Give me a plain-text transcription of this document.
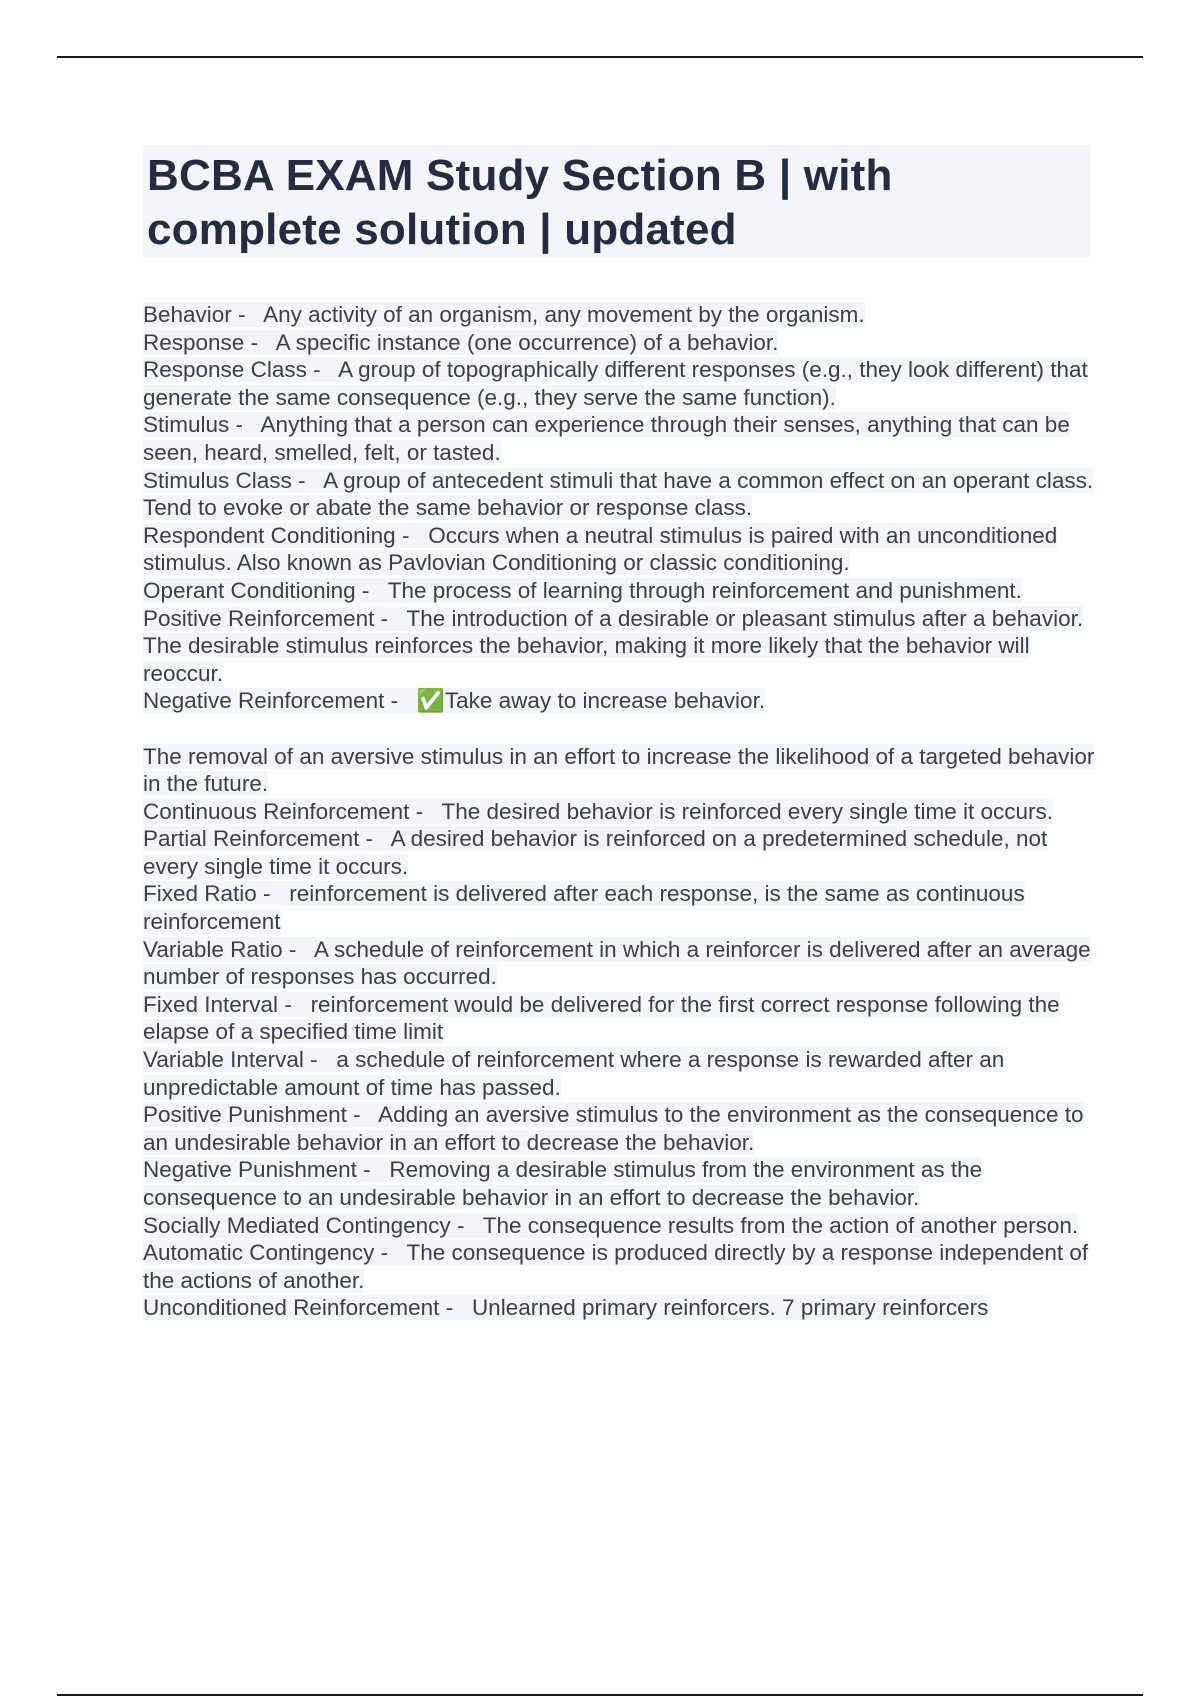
BCBA EXAM Study Section B | with complete solution | updated

Behavior -   Any activity of an organism, any movement by the organism.

Response -   A specific instance (one occurrence) of a behavior.

Response Class -   A group of topographically different responses (e.g., they look different) that generate the same consequence (e.g., they serve the same function).

Stimulus -   Anything that a person can experience through their senses, anything that can be seen, heard, smelled, felt, or tasted.

Stimulus Class -   A group of antecedent stimuli that have a common effect on an operant class. Tend to evoke or abate the same behavior or response class.

Respondent Conditioning -   Occurs when a neutral stimulus is paired with an unconditioned stimulus. Also known as Pavlovian Conditioning or classic conditioning.

Operant Conditioning -   The process of learning through reinforcement and punishment.

Positive Reinforcement -   The introduction of a desirable or pleasant stimulus after a behavior. The desirable stimulus reinforces the behavior, making it more likely that the behavior will reoccur.

Negative Reinforcement -   ✅Take away to increase behavior.
The removal of an aversive stimulus in an effort to increase the likelihood of a targeted behavior in the future.

Continuous Reinforcement -   The desired behavior is reinforced every single time it occurs.

Partial Reinforcement -   A desired behavior is reinforced on a predetermined schedule, not every single time it occurs.

Fixed Ratio -   reinforcement is delivered after each response, is the same as continuous reinforcement

Variable Ratio -   A schedule of reinforcement in which a reinforcer is delivered after an average number of responses has occurred.

Fixed Interval -   reinforcement would be delivered for the first correct response following the elapse of a specified time limit

Variable Interval -   a schedule of reinforcement where a response is rewarded after an unpredictable amount of time has passed.

Positive Punishment -   Adding an aversive stimulus to the environment as the consequence to an undesirable behavior in an effort to decrease the behavior.

Negative Punishment -   Removing a desirable stimulus from the environment as the consequence to an undesirable behavior in an effort to decrease the behavior.

Socially Mediated Contingency -   The consequence results from the action of another person.

Automatic Contingency -   The consequence is produced directly by a response independent of the actions of another.

Unconditioned Reinforcement -   Unlearned primary reinforcers. 7 primary reinforcers
